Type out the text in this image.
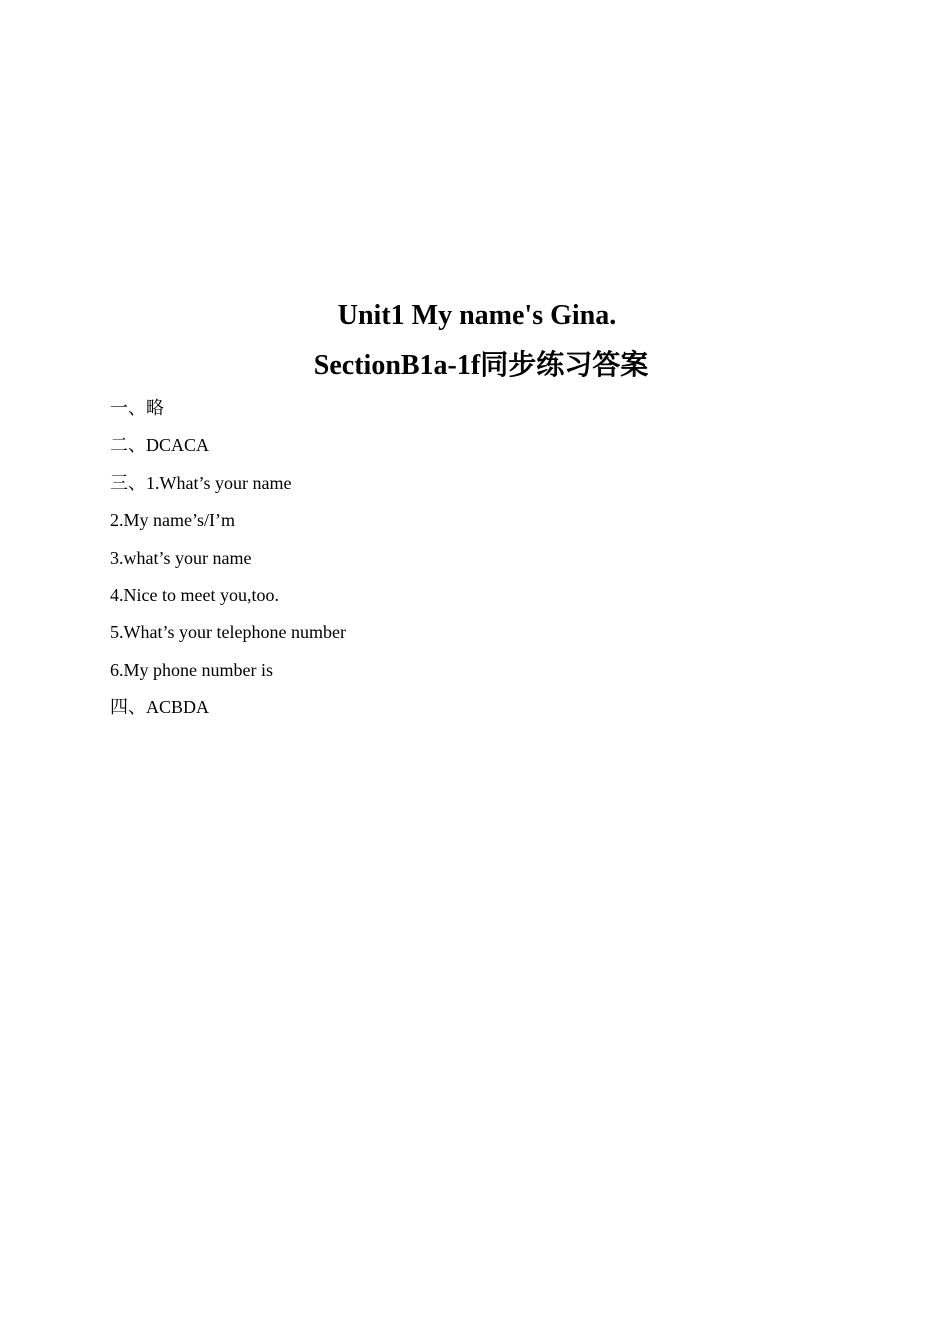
Unit1 My name's Gina.
SectionB1a-1f同步练习答案
一、略
二、DCACA
三、1.What’s your name
2.My name’s/I’m
3.what’s your name
4.Nice to meet you,too.
5.What’s your telephone number
6.My phone number is
四、ACBDA
